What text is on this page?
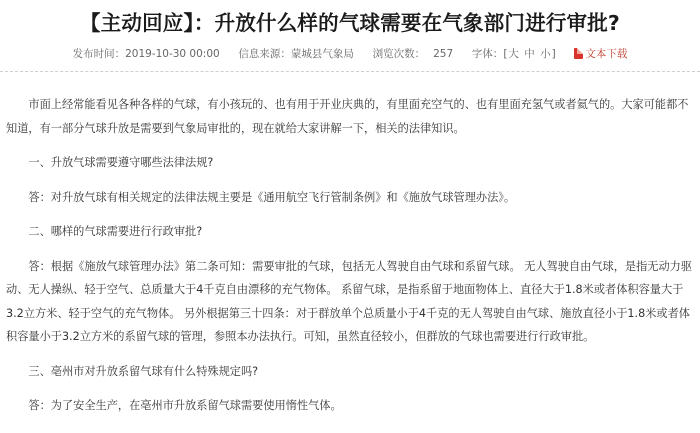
【主动回应】：升放什么样的气球需要在气象部门进行审批?
发布时间：2019-10-30 00:00 信息来源：蒙城县气象局 浏览次数： 257 字体：[大 中 小]	文本下载

市面上经常能看见各种各样的气球，有小孩玩的、也有用于开业庆典的，有里面充空气的、也有里面充氢气或者氦气的。大家可能都不知道，有一部分气球升放是需要到气象局审批的，现在就给大家讲解一下，相关的法律知识。

一、升放气球需要遵守哪些法律法规?

答：对升放气球有相关规定的法律法规主要是《通用航空飞行管制条例》和《施放气球管理办法》。

二、哪样的气球需要进行行政审批?

答：根据《施放气球管理办法》第二条可知：需要审批的气球，包括无人驾驶自由气球和系留气球。 无人驾驶自由气球，是指无动力驱动、无人操纵、轻于空气、总质量大于4千克自由漂移的充气物体。 系留气球，是指系留于地面物体上、直径大于1.8米或者体积容量大于3.2立方米、轻于空气的充气物体。 另外根据第三十四条：对于群放单个总质量小于4千克的无人驾驶自由气球、施放直径小于1.8米或者体积容量小于3.2立方米的系留气球的管理，参照本办法执行。可知，虽然直径较小，但群放的气球也需要进行行政审批。

三、亳州市对升放系留气球有什么特殊规定吗?

答：为了安全生产，在亳州市升放系留气球需要使用惰性气体。
